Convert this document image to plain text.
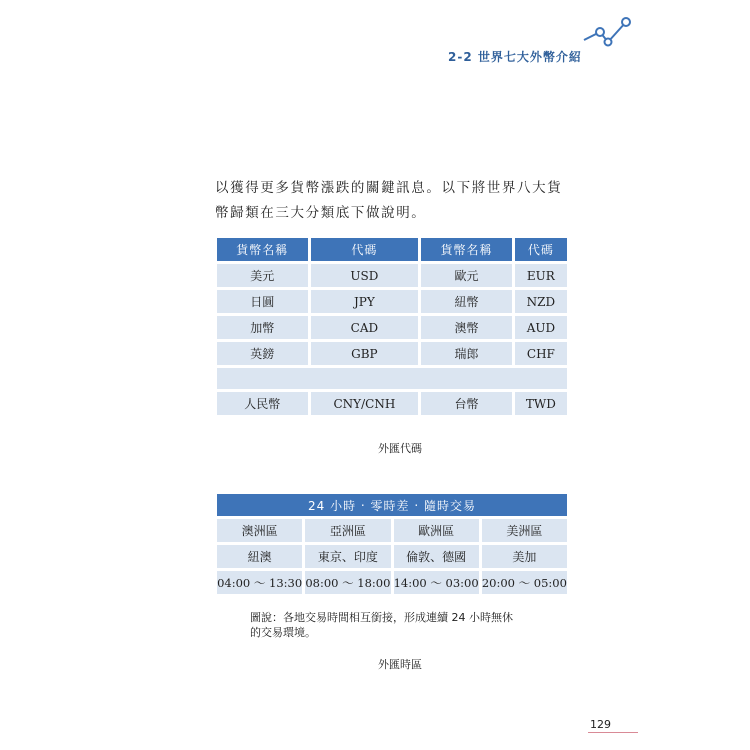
2-2 世界七大外幣介紹
以獲得更多貨幣漲跌的關鍵訊息。以下將世界八大貨
幣歸類在三大分類底下做說明。
貨幣名稱	代碼	貨幣名稱	代碼
美元	USD	歐元	EUR
日圓	JPY	紐幣	NZD
加幣	CAD	澳幣	AUD
英鎊	GBP	瑞郎	CHF

人民幣	CNY/CNH	台幣	TWD
外匯代碼
24 小時 ‧ 零時差 ‧ 隨時交易			
澳洲區	亞洲區	歐洲區	美洲區
紐澳	東京、印度	倫敦、德國	美加
04:00 ～ 13:30	08:00 ～ 18:00	14:00 ～ 03:00	20:00 ～ 05:00
圖說：各地交易時間相互銜接，形成連續 24 小時無休
的交易環境。
外匯時區
129
